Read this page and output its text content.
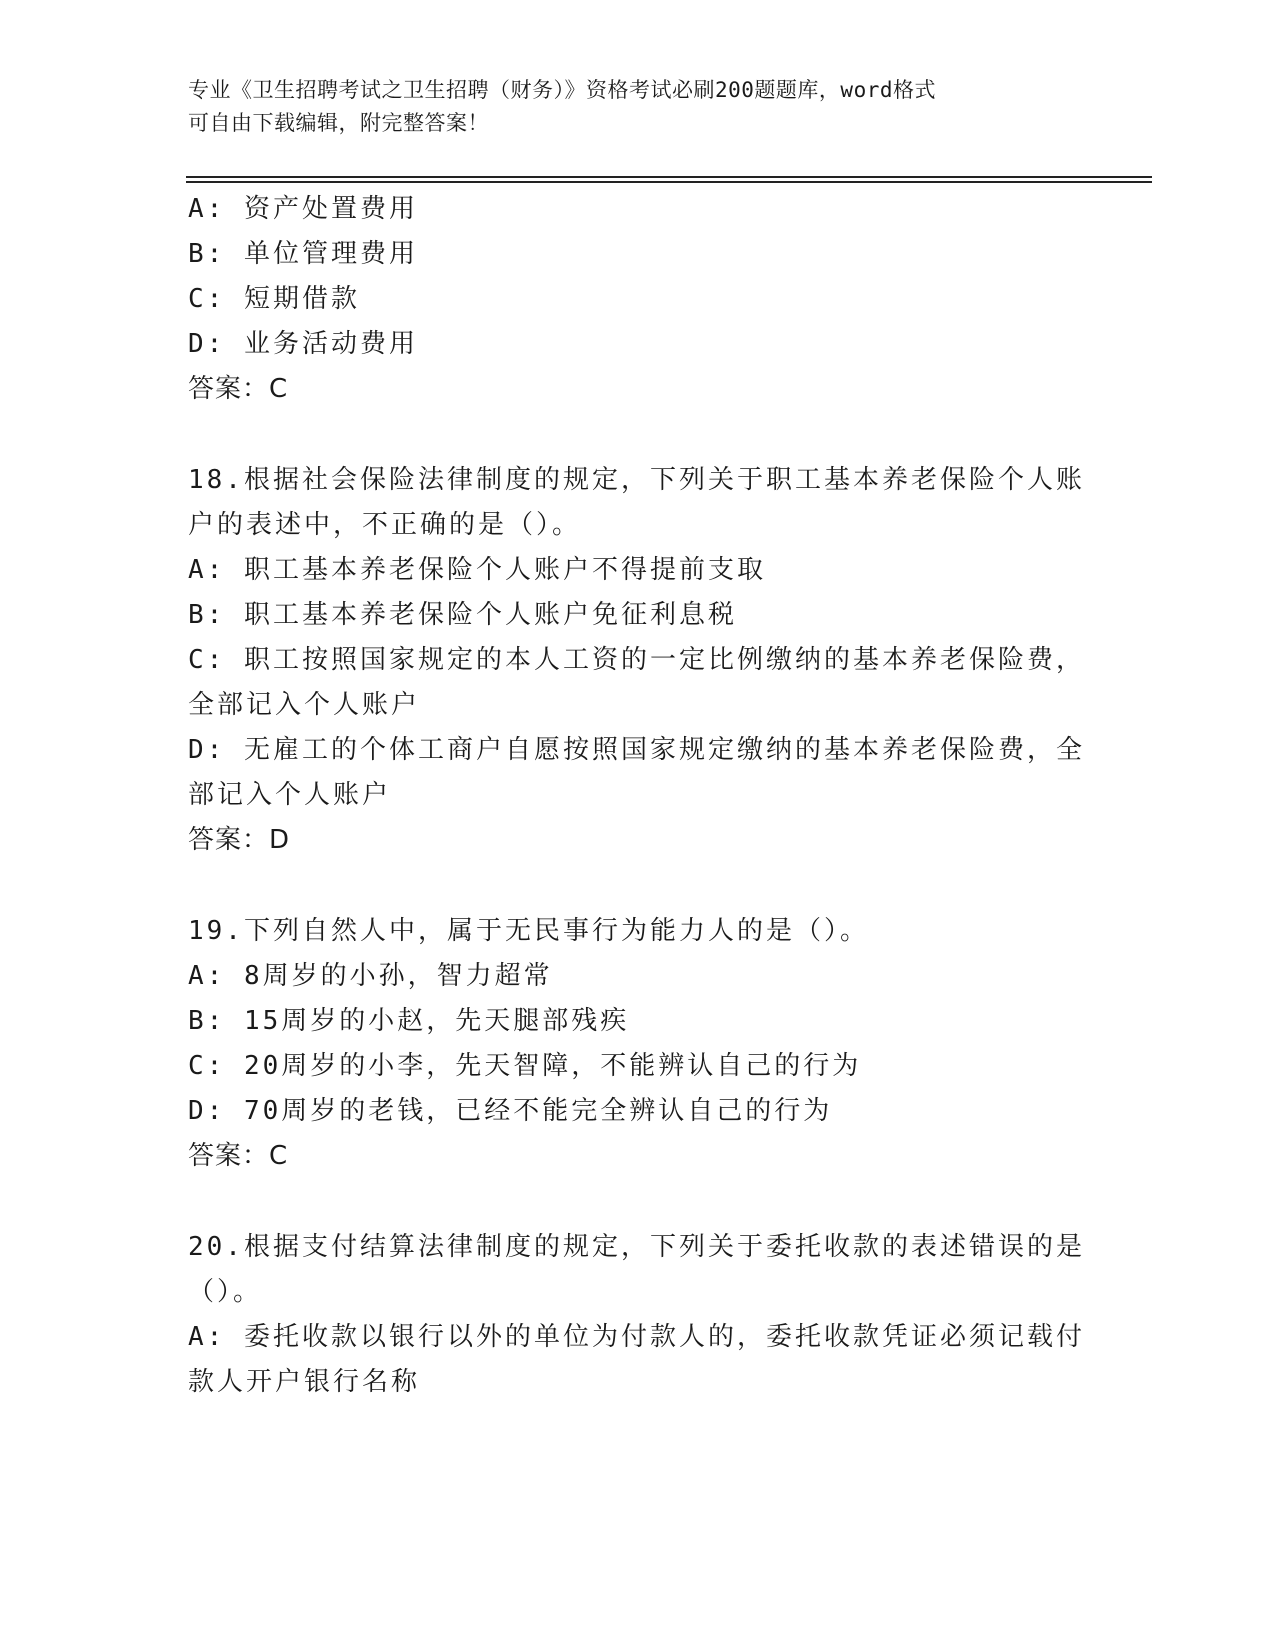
专业《卫生招聘考试之卫生招聘（财务）》资格考试必刷200题题库，word格式
可自由下载编辑，附完整答案！
A: 资产处置费用
B: 单位管理费用
C: 短期借款
D: 业务活动费用
答案：C
18.根据社会保险法律制度的规定，下列关于职工基本养老保险个人账
户的表述中，不正确的是（）。
A: 职工基本养老保险个人账户不得提前支取
B: 职工基本养老保险个人账户免征利息税
C: 职工按照国家规定的本人工资的一定比例缴纳的基本养老保险费，
全部记入个人账户
D: 无雇工的个体工商户自愿按照国家规定缴纳的基本养老保险费，全
部记入个人账户
答案：D
19.下列自然人中，属于无民事行为能力人的是（）。
A: 8周岁的小孙，智力超常
B: 15周岁的小赵，先天腿部残疾
C: 20周岁的小李，先天智障，不能辨认自己的行为
D: 70周岁的老钱，已经不能完全辨认自己的行为
答案：C
20.根据支付结算法律制度的规定，下列关于委托收款的表述错误的是
（）。
A: 委托收款以银行以外的单位为付款人的，委托收款凭证必须记载付
款人开户银行名称
